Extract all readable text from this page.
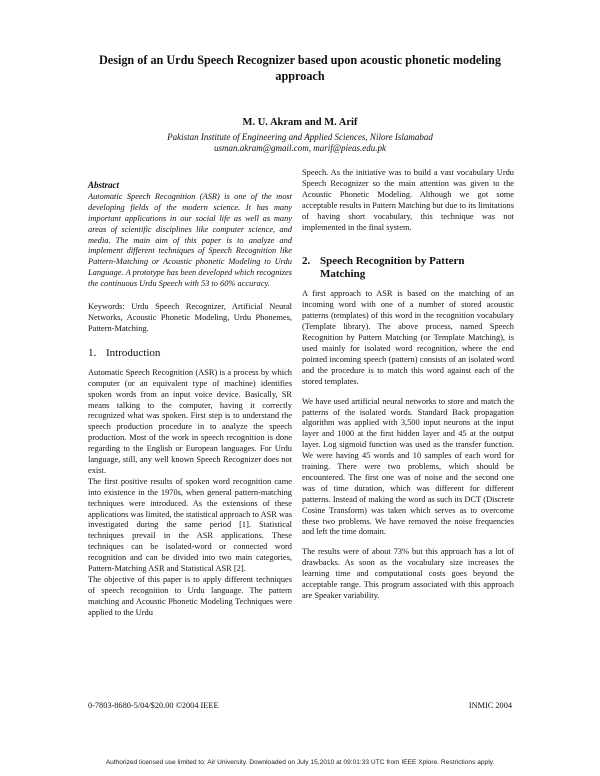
Design of an Urdu Speech Recognizer based upon acoustic phonetic modeling approach
M. U. Akram and M. Arif
Pakistan Institute of Engineering and Applied Sciences, Nilore Islamabad
usman.akram@gmail.com, marif@pieas.edu.pk
Abstract

Automatic Speech Recognition (ASR) is one of the most developing fields of the modern science. It has many important applications in our social life as well as many areas of scientific disciplines like computer science, and media. The main aim of this paper is to analyze and implement different techniques of Speech Recognition like Pattern-Matching or Acoustic phonetic Modeling to Urdu Language. A prototype has been developed which recognizes the continuous Urdu Speech with 53 to 60% accuracy.

Keywords: Urdu Speech Recognizer, Artificial Neural Networks, Acoustic Phonetic Modeling, Urdu Phonemes, Pattern-Matching.

1. Introduction

Automatic Speech Recognition (ASR) is a process by which computer (or an equivalent type of machine) identifies spoken words from an input voice device. Basically, SR means talking to the computer, having it correctly recognized what was spoken. First step is to understand the speech production procedure in to analyze the speech production. Most of the work in speech recognition is done regarding to the English or European languages. For Urdu language, still, any well known Speech Recognizer does not exist.

The first positive results of spoken word recognition came into existence in the 1970s, when general pattern-matching techniques were introduced. As the extensions of these applications was limited, the statistical approach to ASR was investigated during the same period [1]. Statistical techniques prevail in the ASR applications. These techniques can be isolated-word or connected word recognition and can be divided into two main categories, Pattern-Matching ASR and Statistical ASR [2].

The objective of this paper is to apply different techniques of speech recognition to Urdu language. The pattern matching and Acoustic Phonetic Modeling Techniques were applied to the Urdu

Speech. As the initiative was to build a vast vocabulary Urdu Speech Recognizer so the main attention was given to the Acoustic Phonetic Modeling. Although we got some acceptable results in Pattern Matching but due to its limitations of having short vocabulary, this technique was not implemented in the final system.

2. Speech Recognition by Pattern
Matching

A first approach to ASR is based on the matching of an incoming word with one of a number of stored acoustic patterns (templates) of this word in the recognition vocabulary (Template library). The above process, named Speech Recognition by Pattern Matching (or Template Matching), is used mainly for isolated word recognition, where the end pointed incoming speech (pattern) consists of an isolated word and the procedure is to match this word against each of the stored templates.

We have used artificial neural networks to store and match the patterns of the isolated words. Standard Back propagation algorithm was applied with 3,500 input neurons at the input layer and 1000 at the first hidden layer and 45 at the output layer. Log sigmoid function was used as the transfer function. We were having 45 words and 10 samples of each word for training. There were two problems, which should be encountered. The first one was of noise and the second one was of time duration, which was different for different patterns. Instead of making the word as such its DCT (Discrete Cosine Transform) was taken which serves as to overcome these two problems. We have removed the noise frequencies and left the time domain.

The results were of about 73% but this approach has a lot of drawbacks. As soon as the vocabulary size increases the learning time and computational costs goes beyond the acceptable range. This program associated with this approach are Speaker variability.

0-7803-8680-5/04/$20.00 ©2004 IEEE	INMIC 2004
Authorized licensed use limited to: Air University. Downloaded on July 15,2010 at 09:01:33 UTC from IEEE Xplore. Restrictions apply.
